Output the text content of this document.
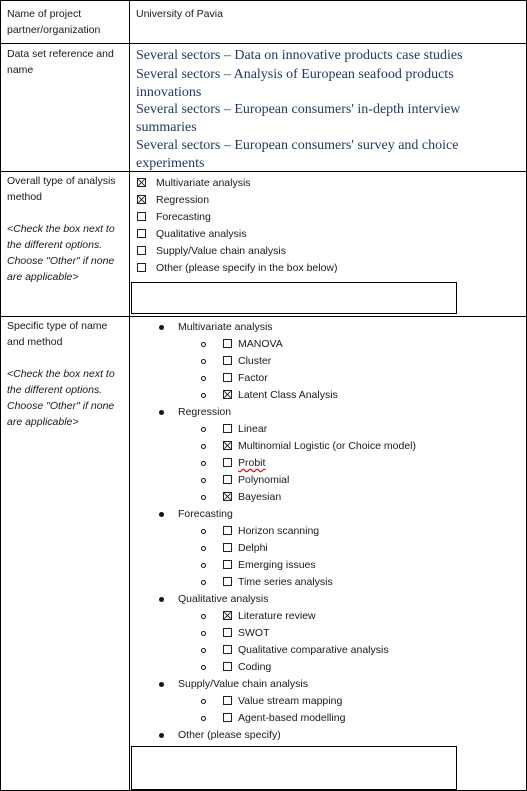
Name of project partner/organization
University of Pavia
Data set reference and name
Several sectors – Data on innovative products case studies
Several sectors – Analysis of European seafood products innovations
Several sectors – European consumers' in-depth interview summaries
Several sectors – European consumers' survey and choice experiments
Overall type of analysis method
<Check the box next to the different options. Choose "Other" if none are applicable>
Multivariate analysis
Regression
Forecasting
Qualitative analysis
Supply/Value chain analysis
Other (please specify in the box below)
Specific type of name and method
<Check the box next to the different options. Choose "Other" if none are applicable>
Multivariate analysis
MANOVA
Cluster
Factor
Latent Class Analysis
Regression
Linear
Multinomial Logistic (or Choice model)
Probit
Polynomial
Bayesian
Forecasting
Horizon scanning
Delphi
Emerging issues
Time series analysis
Qualitative analysis
Literature review
SWOT
Qualitative comparative analysis
Coding
Supply/Value chain analysis
Value stream mapping
Agent-based modelling
Other (please specify)
